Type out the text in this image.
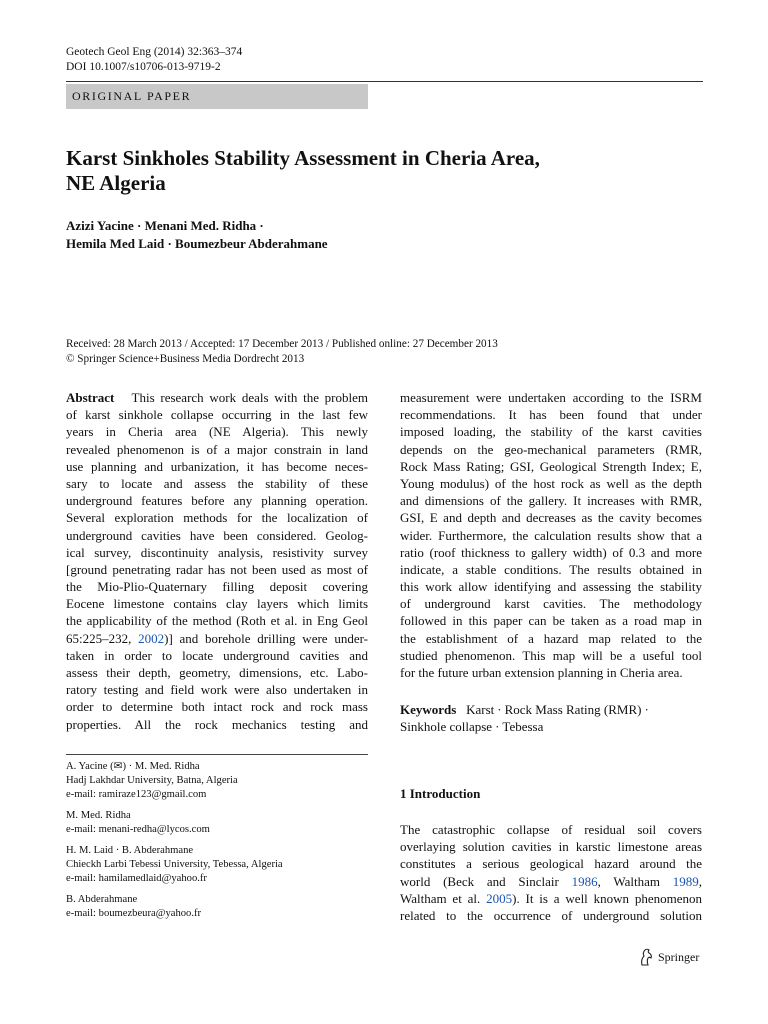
Geotech Geol Eng (2014) 32:363–374
DOI 10.1007/s10706-013-9719-2
ORIGINAL PAPER
Karst Sinkholes Stability Assessment in Cheria Area,
NE Algeria
Azizi Yacine · Menani Med. Ridha ·
Hemila Med Laid · Boumezbeur Abderahmane
Received: 28 March 2013 / Accepted: 17 December 2013 / Published online: 27 December 2013
© Springer Science+Business Media Dordrecht 2013
Abstract This research work deals with the problem
of karst sinkhole collapse occurring in the last few
years in Cheria area (NE Algeria). This newly
revealed phenomenon is of a major constrain in land
use planning and urbanization, it has become neces-
sary to locate and assess the stability of these
underground features before any planning operation.
Several exploration methods for the localization of
underground cavities have been considered. Geolog-
ical survey, discontinuity analysis, resistivity survey
[ground penetrating radar has not been used as most of
the Mio-Plio-Quaternary filling deposit covering
Eocene limestone contains clay layers which limits
the applicability of the method (Roth et al. in Eng Geol
65:225–232, 2002)] and borehole drilling were under-
taken in order to locate underground cavities and
assess their depth, geometry, dimensions, etc. Labo-
ratory testing and field work were also undertaken in
order to determine both intact rock and rock mass
properties. All the rock mechanics testing and
A. Yacine (✉) · M. Med. Ridha
Hadj Lakhdar University, Batna, Algeria
e-mail: ramiraze123@gmail.com
M. Med. Ridha
e-mail: menani-redha@lycos.com
H. M. Laid · B. Abderahmane
Chieckh Larbi Tebessi University, Tebessa, Algeria
e-mail: hamilamedlaid@yahoo.fr
B. Abderahmane
e-mail: boumezbeura@yahoo.fr
measurement were undertaken according to the ISRM
recommendations. It has been found that under
imposed loading, the stability of the karst cavities
depends on the geo-mechanical parameters (RMR,
Rock Mass Rating; GSI, Geological Strength Index; E,
Young modulus) of the host rock as well as the depth
and dimensions of the gallery. It increases with RMR,
GSI, E and depth and decreases as the cavity becomes
wider. Furthermore, the calculation results show that a
ratio (roof thickness to gallery width) of 0.3 and more
indicate, a stable conditions. The results obtained in
this work allow identifying and assessing the stability
of underground karst cavities. The methodology
followed in this paper can be taken as a road map in
the establishment of a hazard map related to the
studied phenomenon. This map will be a useful tool
for the future urban extension planning in Cheria area.
Keywords Karst · Rock Mass Rating (RMR) ·
Sinkhole collapse · Tebessa
1 Introduction
The catastrophic collapse of residual soil covers
overlaying solution cavities in karstic limestone areas
constitutes a serious geological hazard around the
world (Beck and Sinclair 1986, Waltham 1989,
Waltham et al. 2005). It is a well known phenomenon
related to the occurrence of underground solution
Springer
